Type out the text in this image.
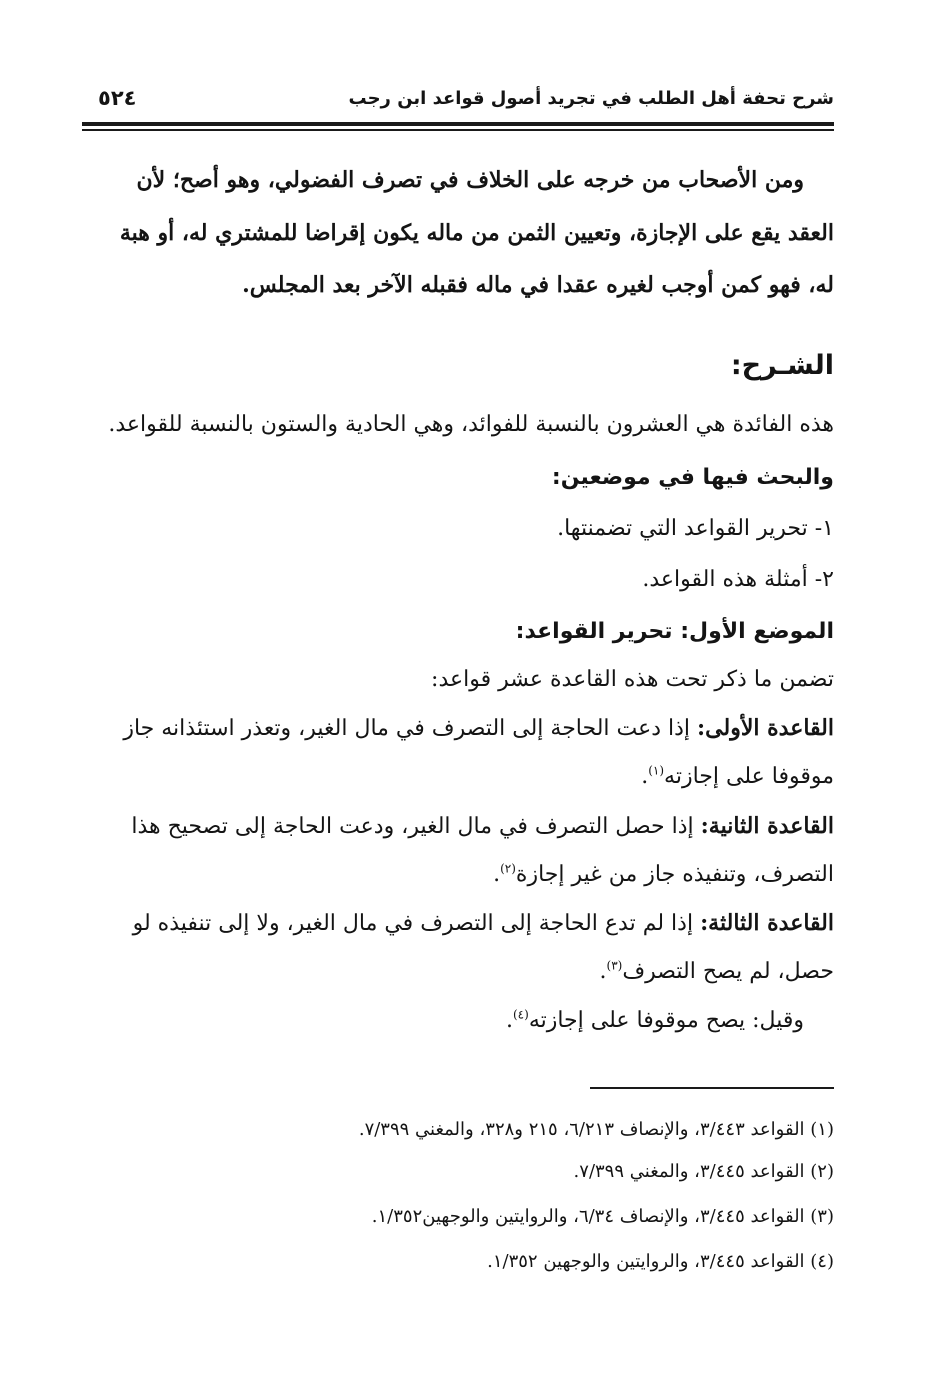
شرح تحفة أهل الطلب في تجريد أصول قواعد ابن رجب
٥٢٤
ومن الأصحاب من خرجه على الخلاف في تصرف الفضولي، وهو أصح؛ لأن
العقد يقع على الإجازة، وتعيين الثمن من ماله يكون إقراضا للمشتري له، أو هبة
له، فهو كمن أوجب لغيره عقدا في ماله فقبله الآخر بعد المجلس.
الشـرح:
هذه الفائدة هي العشرون بالنسبة للفوائد، وهي الحادية والستون بالنسبة للقواعد.
والبحث فيها في موضعين:
١- تحرير القواعد التي تضمنتها.
٢- أمثلة هذه القواعد.
الموضع الأول: تحرير القواعد:
تضمن ما ذكر تحت هذه القاعدة عشر قواعد:
القاعدة الأولى: إذا دعت الحاجة إلى التصرف في مال الغير، وتعذر استئذانه جاز
موقوفا على إجازته$^{(١)}$.
القاعدة الثانية: إذا حصل التصرف في مال الغير، ودعت الحاجة إلى تصحيح هذا
التصرف، وتنفيذه جاز من غير إجازة$^{(٢)}$.
القاعدة الثالثة: إذا لم تدع الحاجة إلى التصرف في مال الغير، ولا إلى تنفيذه لو
حصل، لم يصح التصرف$^{(٣)}$.
وقيل: يصح موقوفا على إجازته$^{(٤)}$.
(١) القواعد ٣/٤٤٣، والإنصاف ٦/٢١٣، ٢١٥ و٣٢٨، والمغني ٧/٣٩٩.
(٢) القواعد ٣/٤٤٥، والمغني ٧/٣٩٩.
(٣) القواعد ٣/٤٤٥، والإنصاف ٦/٣٤، والروايتين والوجهين١/٣٥٢.
(٤) القواعد ٣/٤٤٥، والروايتين والوجهين ١/٣٥٢.
